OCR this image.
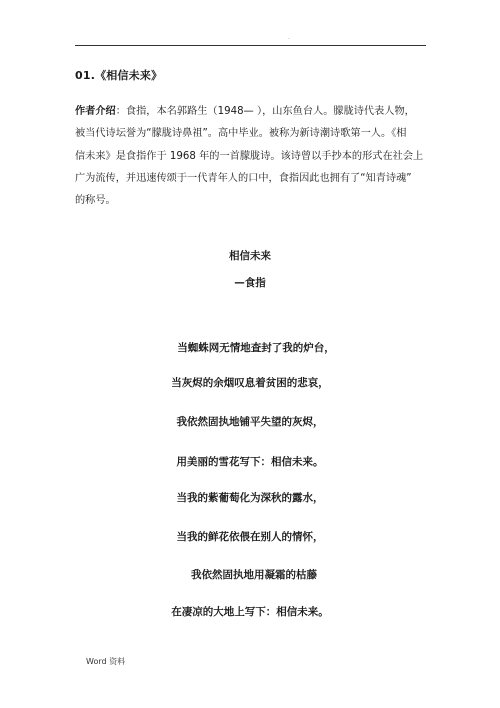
.
01.《相信未来》
作者介绍：食指，本名郭路生（1948— ），山东鱼台人。朦胧诗代表人物，
被当代诗坛誉为“朦胧诗鼻祖”。高中毕业。被称为新诗潮诗歌第一人。《相
信未来》是食指作于 1968 年的一首朦胧诗。该诗曾以手抄本的形式在社会上
广为流传，并迅速传颂于一代青年人的口中，食指因此也拥有了“知青诗魂”
的称号。
相信未来
—食指
当蜘蛛网无情地查封了我的炉台，
当灰烬的余烟叹息着贫困的悲哀，
我依然固执地铺平失望的灰烬，
用美丽的雪花写下：相信未来。
当我的紫葡萄化为深秋的露水，
当我的鲜花依偎在别人的情怀，
我依然固执地用凝霜的枯藤
在凄凉的大地上写下：相信未来。
Word 资料
